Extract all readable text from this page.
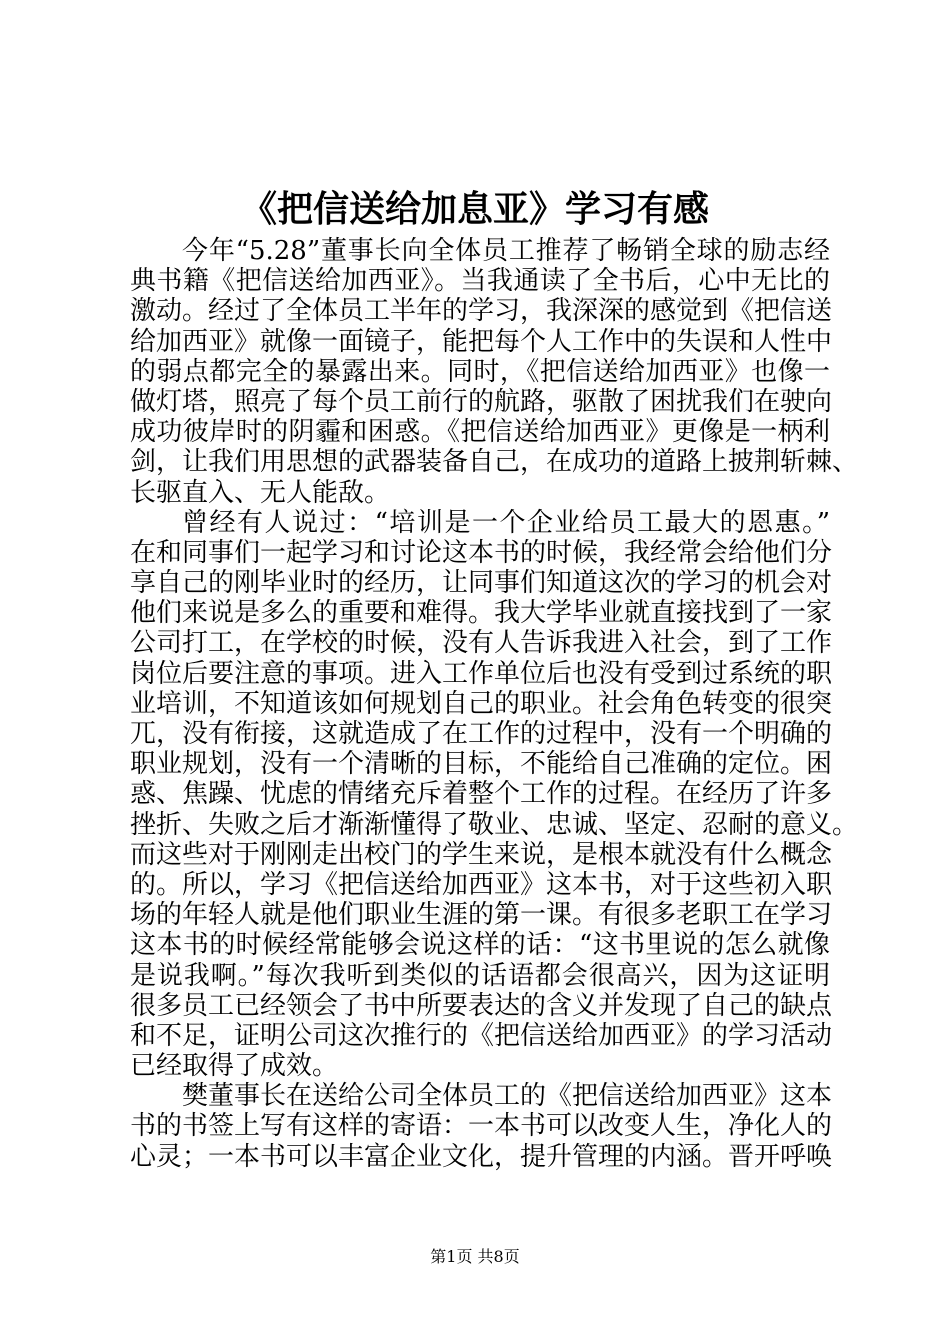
《把信送给加息亚》学习有感
今年“5.28”董事长向全体员工推荐了畅销全球的励志经
典书籍《把信送给加西亚》。当我通读了全书后，心中无比的
激动。经过了全体员工半年的学习，我深深的感觉到《把信送
给加西亚》就像一面镜子，能把每个人工作中的失误和人性中
的弱点都完全的暴露出来。同时，《把信送给加西亚》也像一
做灯塔，照亮了每个员工前行的航路，驱散了困扰我们在驶向
成功彼岸时的阴霾和困惑。《把信送给加西亚》更像是一柄利
剑，让我们用思想的武器装备自己，在成功的道路上披荆斩棘、
长驱直入、无人能敌。
曾经有人说过：“培训是一个企业给员工最大的恩惠。”
在和同事们一起学习和讨论这本书的时候，我经常会给他们分
享自己的刚毕业时的经历，让同事们知道这次的学习的机会对
他们来说是多么的重要和难得。我大学毕业就直接找到了一家
公司打工，在学校的时候，没有人告诉我进入社会，到了工作
岗位后要注意的事项。进入工作单位后也没有受到过系统的职
业培训，不知道该如何规划自己的职业。社会角色转变的很突
兀，没有衔接，这就造成了在工作的过程中，没有一个明确的
职业规划，没有一个清晰的目标，不能给自己准确的定位。困
惑、焦躁、忧虑的情绪充斥着整个工作的过程。在经历了许多
挫折、失败之后才渐渐懂得了敬业、忠诚、坚定、忍耐的意义。
而这些对于刚刚走出校门的学生来说，是根本就没有什么概念
的。所以，学习《把信送给加西亚》这本书，对于这些初入职
场的年轻人就是他们职业生涯的第一课。有很多老职工在学习
这本书的时候经常能够会说这样的话：“这书里说的怎么就像
是说我啊。”每次我听到类似的话语都会很高兴，因为这证明
很多员工已经领会了书中所要表达的含义并发现了自己的缺点
和不足，证明公司这次推行的《把信送给加西亚》的学习活动
已经取得了成效。
樊董事长在送给公司全体员工的《把信送给加西亚》这本
书的书签上写有这样的寄语：一本书可以改变人生，净化人的
心灵；一本书可以丰富企业文化，提升管理的内涵。晋开呼唤
第1页 共8页
